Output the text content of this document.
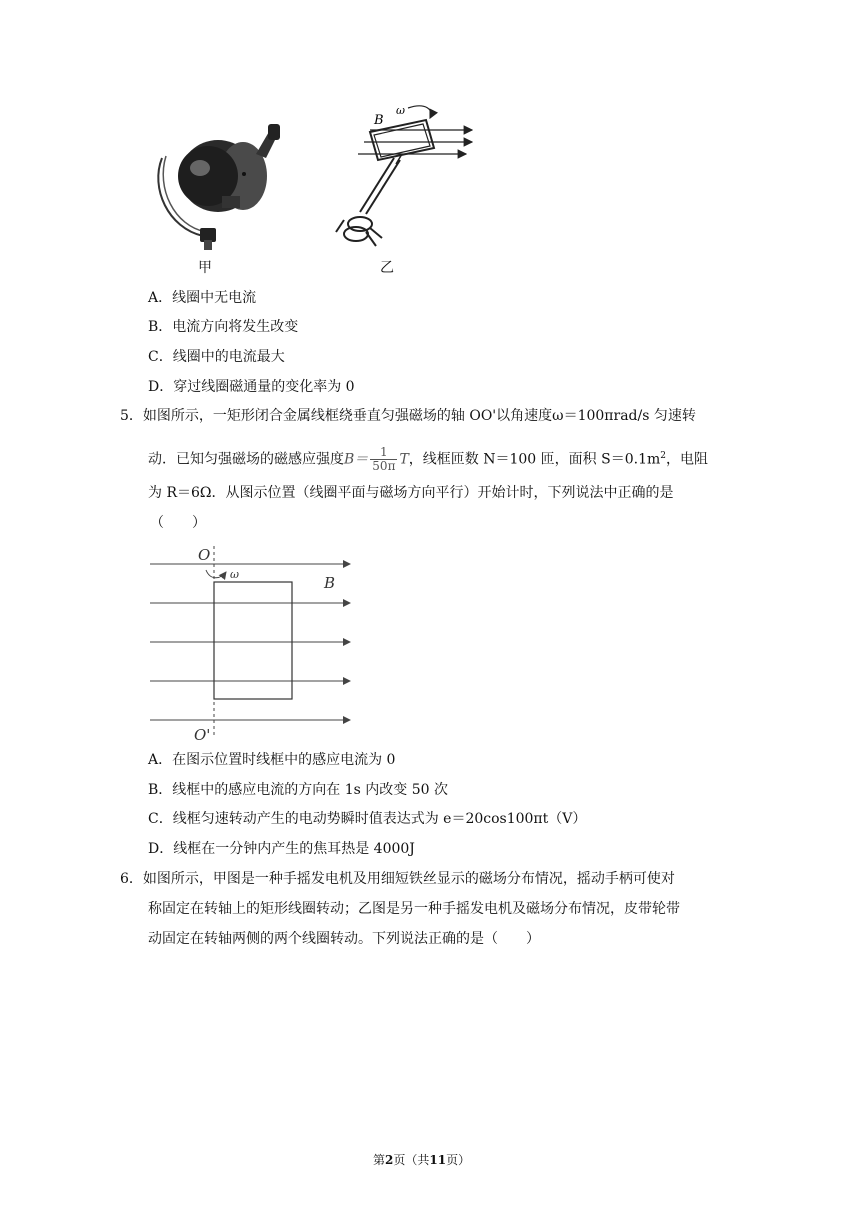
B
ω
甲	乙
A．线圈中无电流
B．电流方向将发生改变
C．线圈中的电流最大
D．穿过线圈磁通量的变化率为 0
5．如图所示，一矩形闭合金属线框绕垂直匀强磁场的轴 OO'以角速度ω＝100πrad/s 匀速转
动．已知匀强磁场的磁感应强度$B= \frac{1}{50\pi}$ T，线框匝数 N＝100 匝，面积 $S=0.1m^2$，电阻
为 R＝6Ω．从图示位置（线圈平面与磁场方向平行）开始计时，下列说法中正确的是
（　　）
O
ω	B
O'
A．在图示位置时线框中的感应电流为 0
B．线框中的感应电流的方向在 1s 内改变 50 次
C．线框匀速转动产生的电动势瞬时值表达式为 e＝20cos100πt（V）
D．线框在一分钟内产生的焦耳热是 4000J
6．如图所示，甲图是一种手摇发电机及用细短铁丝显示的磁场分布情况，摇动手柄可使对
称固定在转轴上的矩形线圈转动；乙图是另一种手摇发电机及磁场分布情况，皮带轮带
动固定在转轴两侧的两个线圈转动。下列说法正确的是（　　）
第2页（共11页）
